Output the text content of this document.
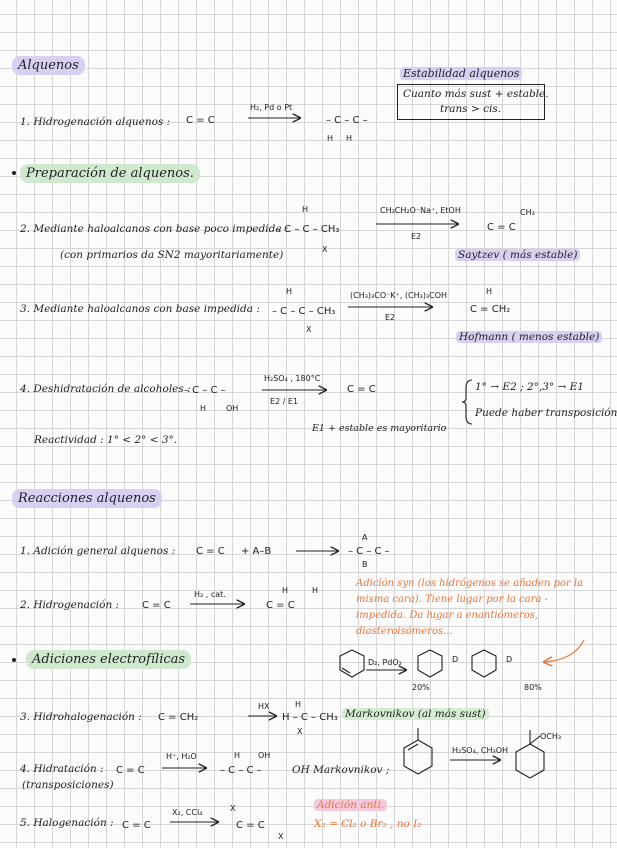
Alquenos
Preparación de alquenos.
Reacciones alquenos
Adiciones electrofílicas
Estabilidad alquenos
Cuanto más sust + estable.
trans > cis.
1. Hidrogenación alquenos : C = C
H₂, Pd o Pt
– C – C –
H H
2. Mediante haloalcanos con base poco impedida :
(con primarios da SN2 mayoritariamente)
– C – C – CH₃
H
X
CH₃CH₂O⁻Na⁺, EtOH
E2
C = C
CH₃
Saytzev ( más estable)
3. Mediante haloalcanos con base impedida : – C – C – CH₃
H
X
(CH₃)₃CO⁻K⁺, (CH₃)₃COH
E2
H
C = CH₂
Hofmann ( menos estable)
4. Deshidratación de alcoholes :
– C – C –
H OH
H₂SO₄ , 180°C
E2 / E1
C = C
E1 + estable es mayoritario
1° → E2 ; 2°,3° → E1
Puede haber transposición
Reactividad : 1° < 2° < 3°.
1. Adición general alquenos : C = C + A–B	– C – C –
A
B
2. Hidrogenación : C = C
H₂ , cat.
C = C
H	H
Adición syn (los hidrógenos se añaden por la misma cara). Tiene lugar por la cara - impedida. Da lugar a enantiómeros, diasteroisómeros...
D₂, PdO₂
20%	80%
D	D
3. Hidrohalogenación : C = CH₂
HX
H – C – CH₃
H
X
Markovnikov (al más sust)
4. Hidratación :
(transposiciones)
C = C
H⁺, H₂O
– C – C –
H OH
OH Markovnikov ;
H₂SO₄, CH₃OH
OCH₃
5. Halogenación : C = C
X₂, CCl₄	X
C = C
X
Adición anti.
X₂ = Cl₂ o Br₂ , no I₂
